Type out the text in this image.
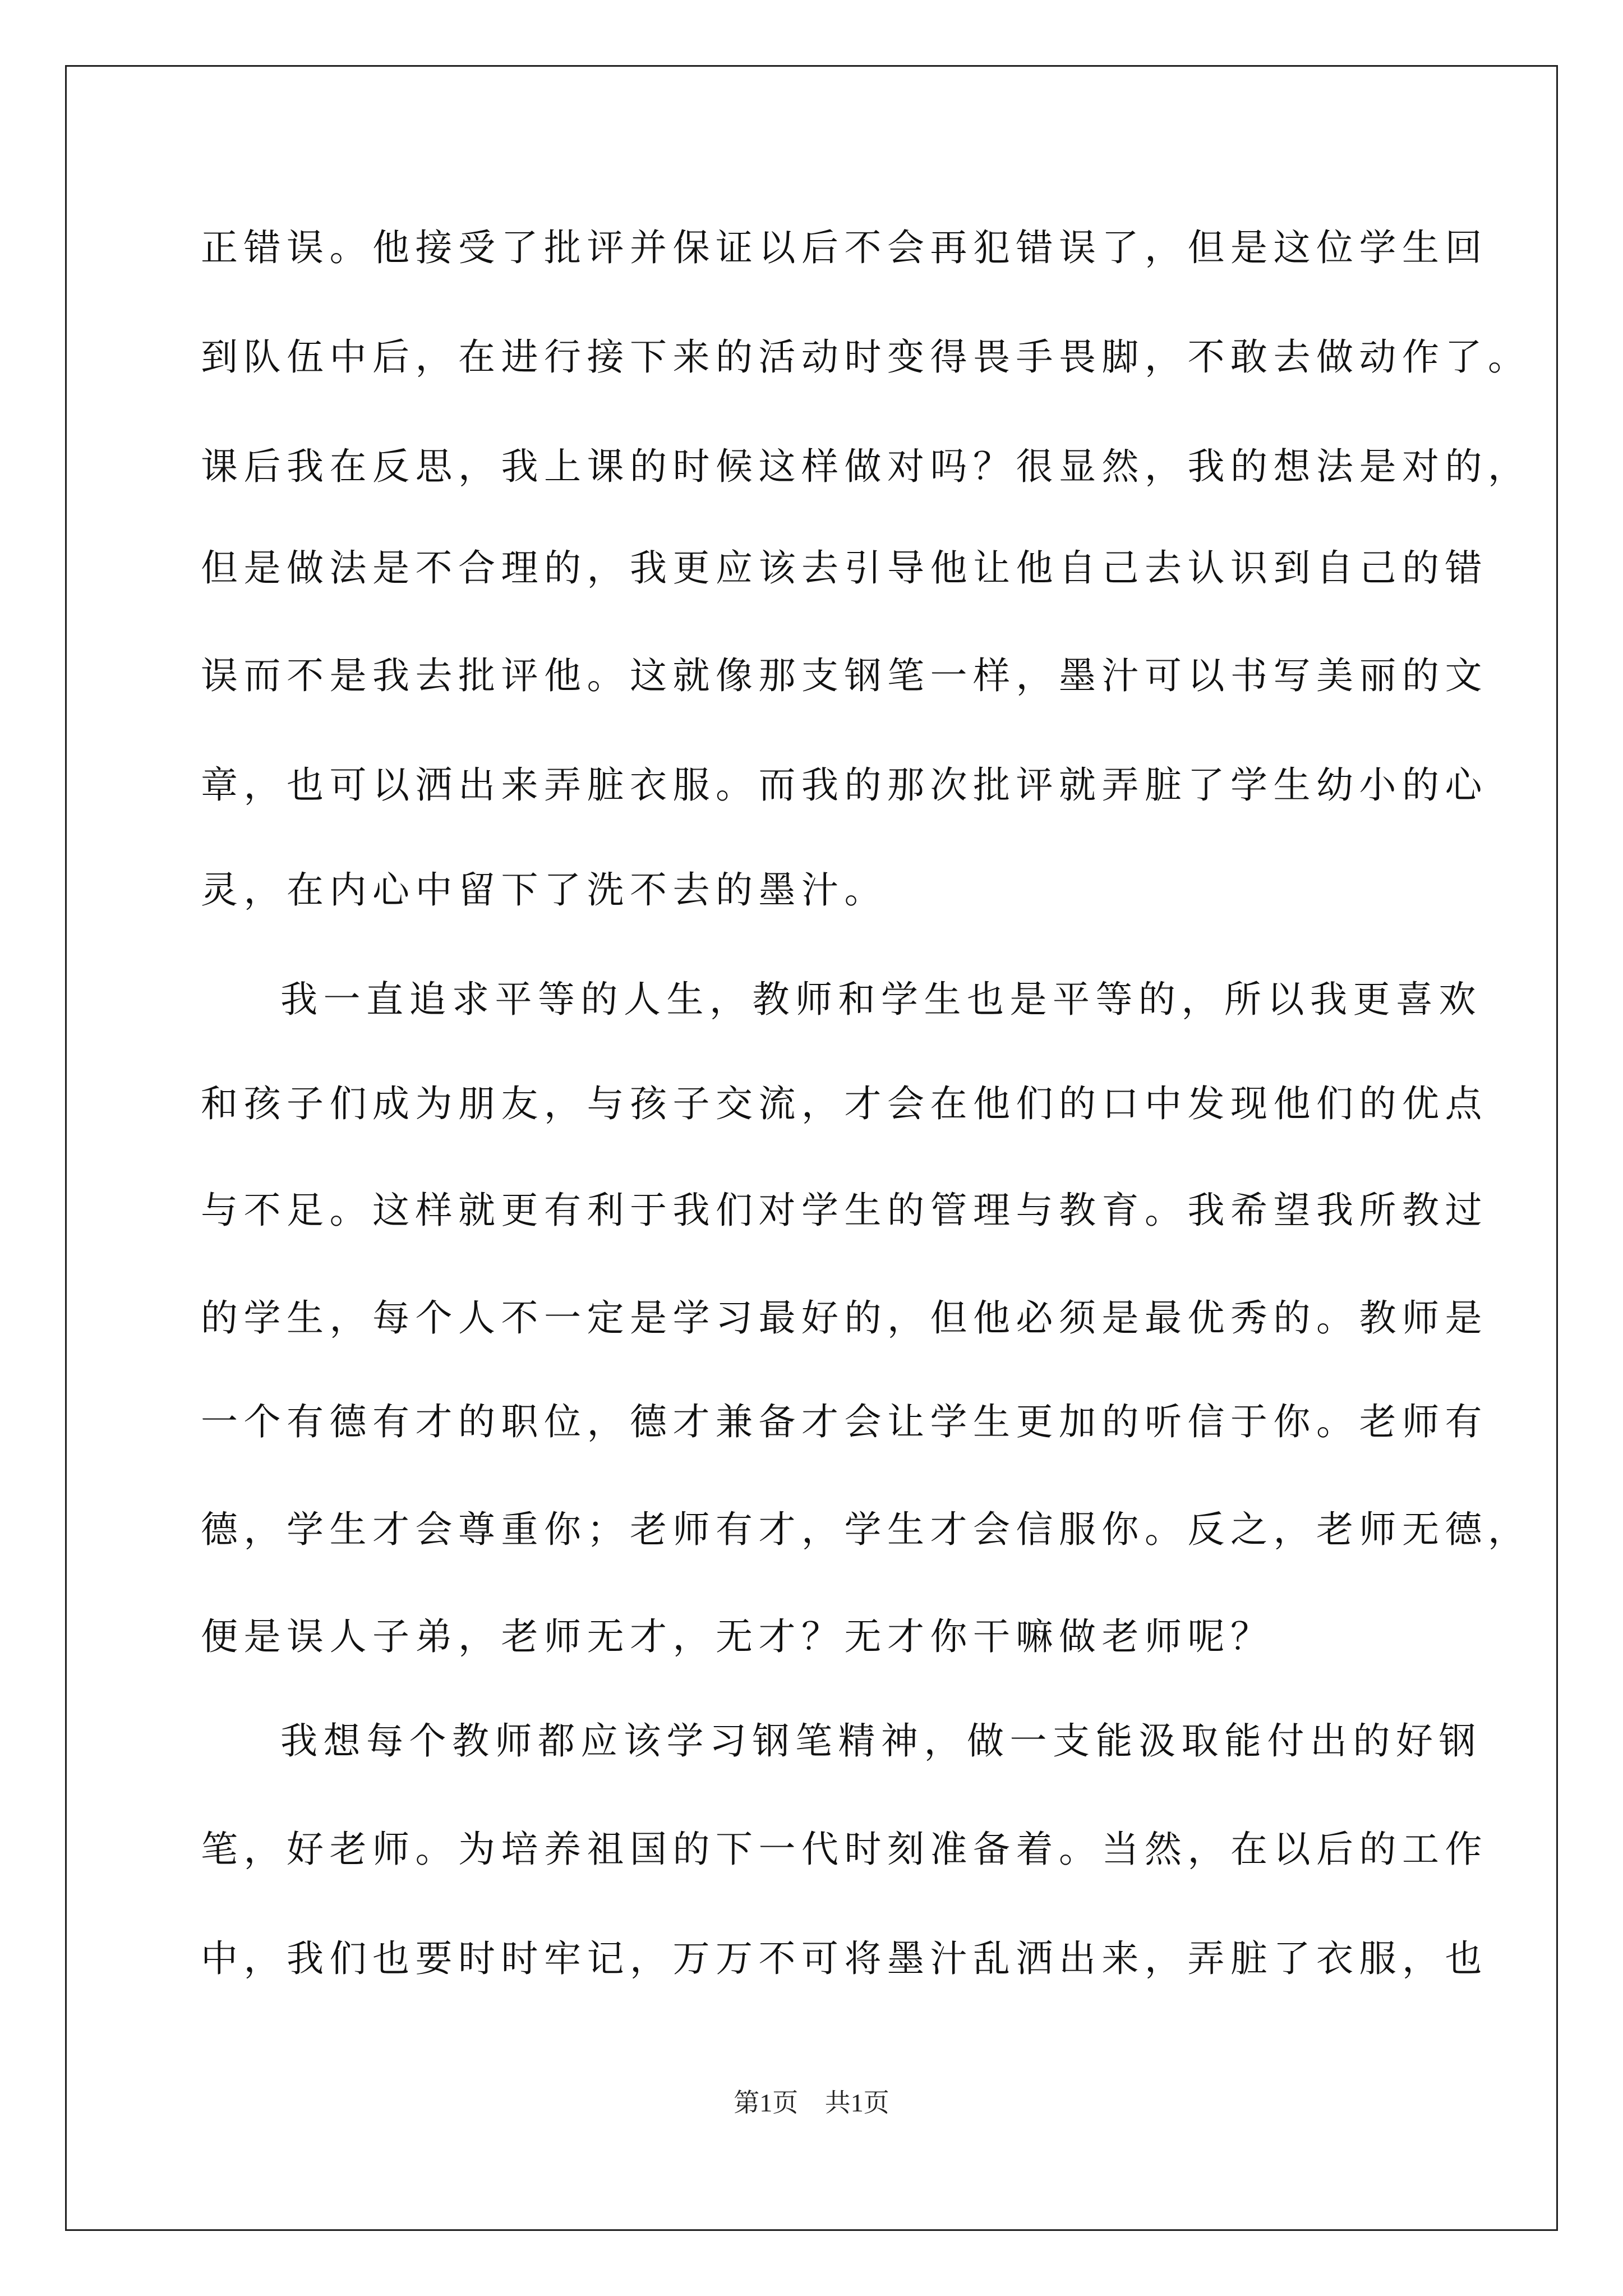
正错误。他接受了批评并保证以后不会再犯错误了，但是这位学生回
到队伍中后，在进行接下来的活动时变得畏手畏脚，不敢去做动作了。
课后我在反思，我上课的时候这样做对吗？很显然，我的想法是对的，
但是做法是不合理的，我更应该去引导他让他自己去认识到自己的错
误而不是我去批评他。这就像那支钢笔一样，墨汁可以书写美丽的文
章，也可以洒出来弄脏衣服。而我的那次批评就弄脏了学生幼小的心
灵，在内心中留下了洗不去的墨汁。
我一直追求平等的人生，教师和学生也是平等的，所以我更喜欢
和孩子们成为朋友，与孩子交流，才会在他们的口中发现他们的优点
与不足。这样就更有利于我们对学生的管理与教育。我希望我所教过
的学生，每个人不一定是学习最好的，但他必须是最优秀的。教师是
一个有德有才的职位，德才兼备才会让学生更加的听信于你。老师有
德，学生才会尊重你；老师有才，学生才会信服你。反之，老师无德，
便是误人子弟，老师无才，无才？无才你干嘛做老师呢？
我想每个教师都应该学习钢笔精神，做一支能汲取能付出的好钢
笔，好老师。为培养祖国的下一代时刻准备着。当然，在以后的工作
中，我们也要时时牢记，万万不可将墨汁乱洒出来，弄脏了衣服，也
第1页 共1页
